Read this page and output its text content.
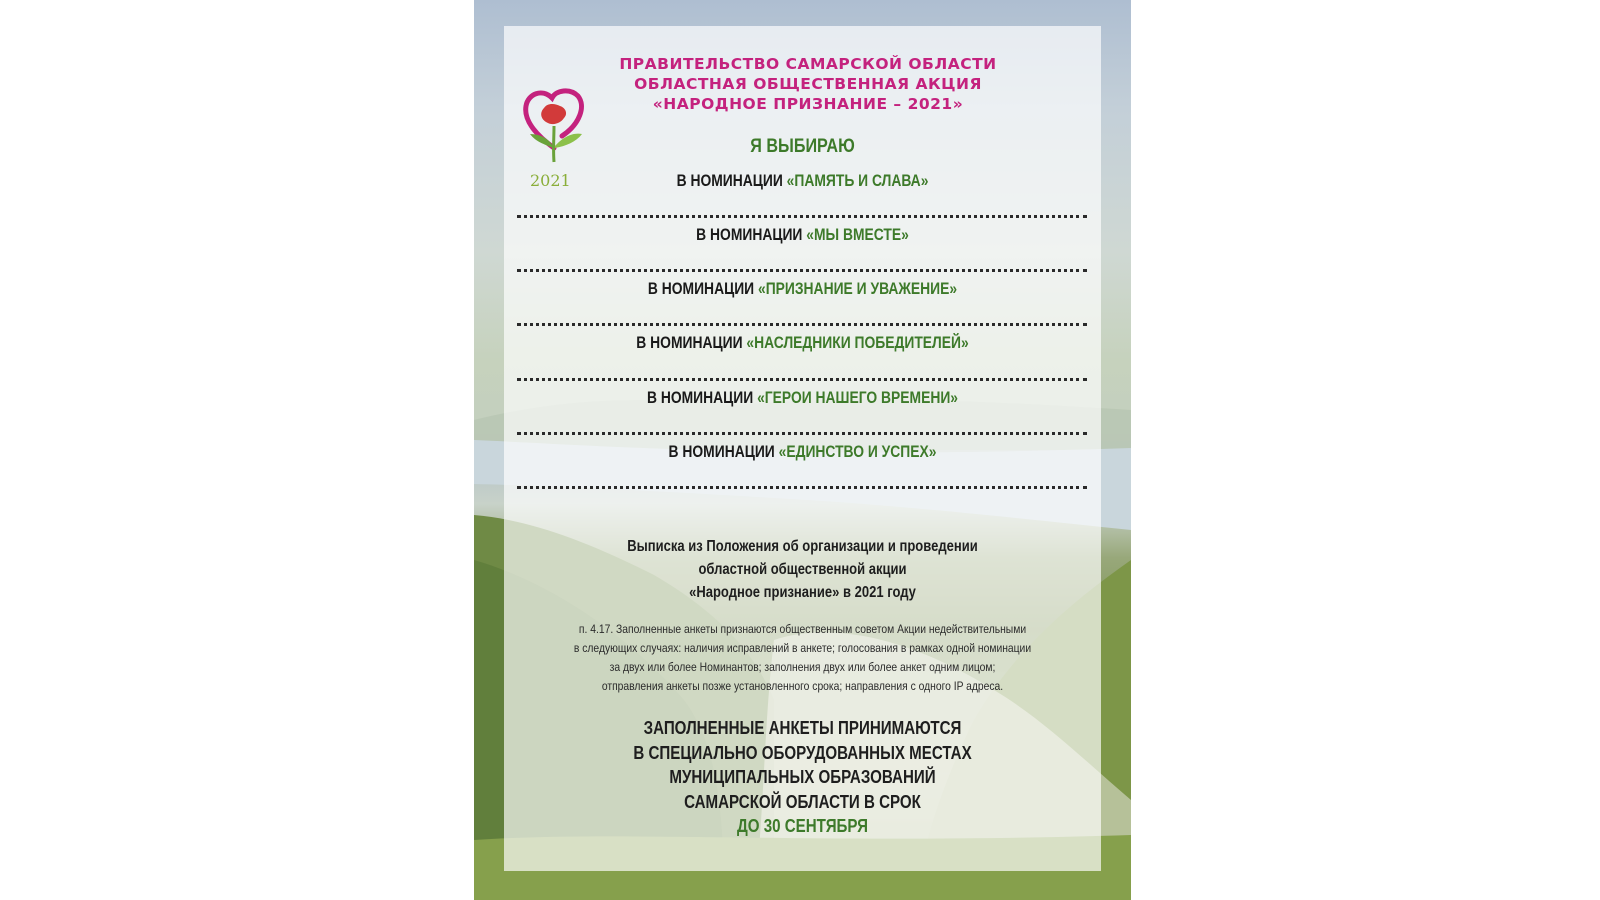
ПРАВИТЕЛЬСТВО САМАРСКОЙ ОБЛАСТИ
ОБЛАСТНАЯ ОБЩЕСТВЕННАЯ АКЦИЯ
«НАРОДНОЕ ПРИЗНАНИЕ – 2021»
2021
Я ВЫБИРАЮ
В НОМИНАЦИИ «ПАМЯТЬ И СЛАВА»
В НОМИНАЦИИ «МЫ ВМЕСТЕ»
В НОМИНАЦИИ «ПРИЗНАНИЕ И УВАЖЕНИЕ»
В НОМИНАЦИИ «НАСЛЕДНИКИ ПОБЕДИТЕЛЕЙ»
В НОМИНАЦИИ «ГЕРОИ НАШЕГО ВРЕМЕНИ»
В НОМИНАЦИИ «ЕДИНСТВО И УСПЕХ»
Выписка из Положения об организации и проведении
областной общественной акции
«Народное признание» в 2021 году
п. 4.17. Заполненные анкеты признаются общественным советом Акции недействительными
в следующих случаях: наличия исправлений в анкете; голосования в рамках одной номинации
за двух или более Номинантов; заполнения двух или более анкет одним лицом;
отправления анкеты позже установленного срока; направления с одного IP адреса.
ЗАПОЛНЕННЫЕ АНКЕТЫ ПРИНИМАЮТСЯ
В СПЕЦИАЛЬНО ОБОРУДОВАННЫХ МЕСТАХ
МУНИЦИПАЛЬНЫХ ОБРАЗОВАНИЙ
САМАРСКОЙ ОБЛАСТИ В СРОК
ДО 30 СЕНТЯБРЯ
